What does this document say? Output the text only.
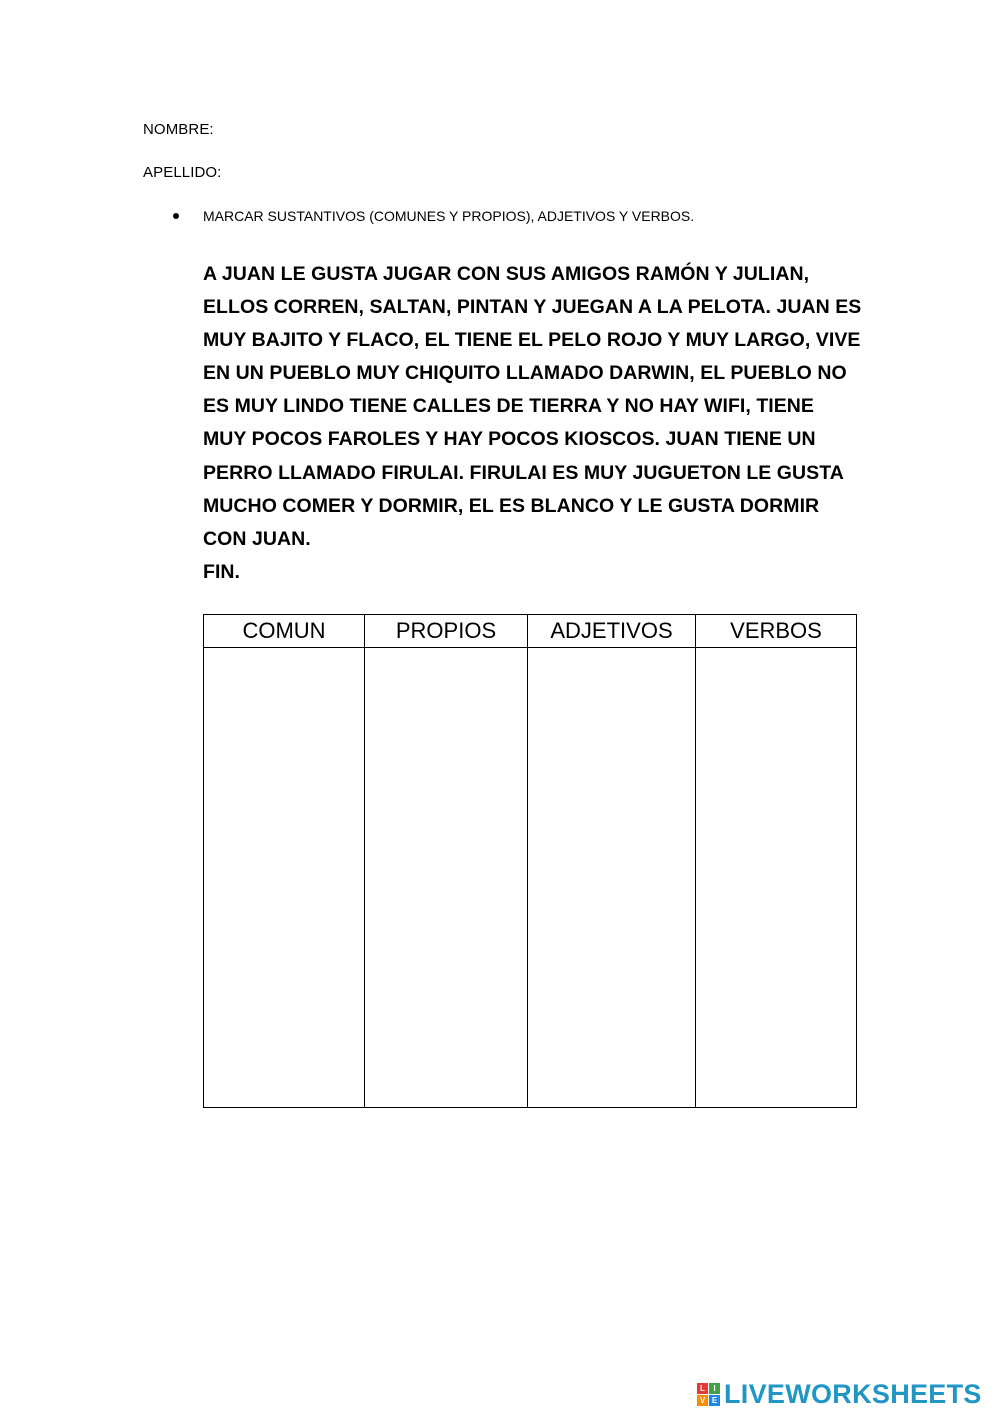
NOMBRE:
APELLIDO:
MARCAR SUSTANTIVOS (COMUNES Y PROPIOS), ADJETIVOS Y VERBOS.
A JUAN LE GUSTA JUGAR CON SUS AMIGOS RAMÓN Y JULIAN,
ELLOS CORREN, SALTAN, PINTAN Y JUEGAN A LA PELOTA. JUAN ES
MUY BAJITO Y FLACO, EL TIENE EL PELO ROJO Y MUY LARGO, VIVE
EN UN PUEBLO MUY CHIQUITO LLAMADO DARWIN, EL PUEBLO NO
ES MUY LINDO TIENE CALLES DE TIERRA Y NO HAY WIFI, TIENE
MUY POCOS FAROLES Y HAY POCOS KIOSCOS. JUAN TIENE UN
PERRO LLAMADO FIRULAI. FIRULAI ES MUY JUGUETON LE GUSTA
MUCHO COMER Y DORMIR, EL ES BLANCO Y LE GUSTA DORMIR
CON JUAN.
FIN.
COMUN	PROPIOS	ADJETIVOS	VERBOS
L	I
V E LIVEWORKSHEETS
